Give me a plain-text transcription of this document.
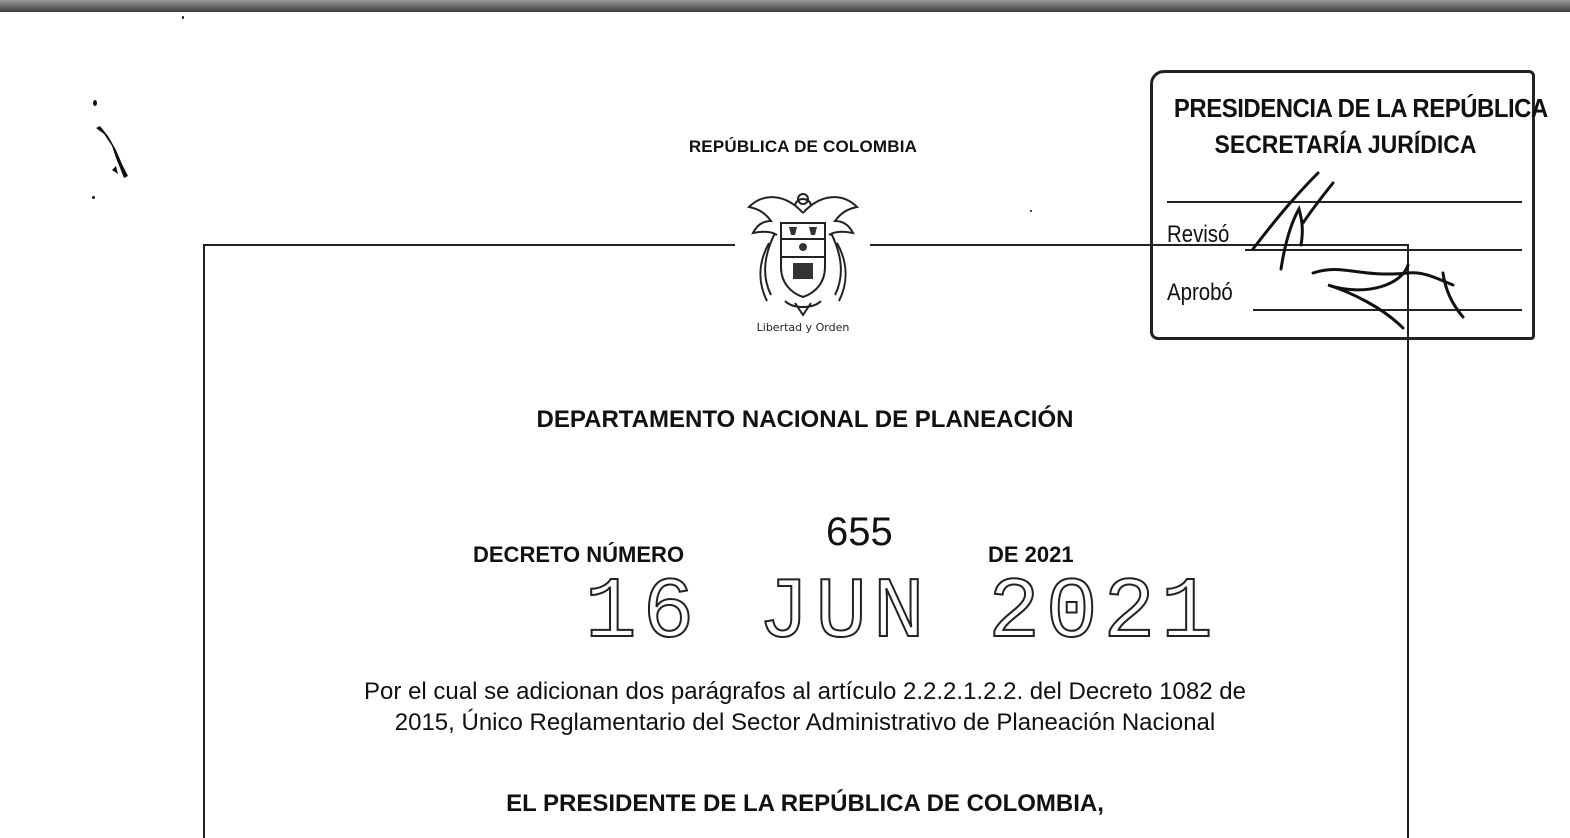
REPÚBLICA DE COLOMBIA
Libertad y Orden
DEPARTAMENTO NACIONAL DE PLANEACIÓN
DECRETO NÚMERO
655
DE 2021
16 JUN 2021
Por el cual se adicionan dos parágrafos al artículo 2.2.2.1.2.2. del Decreto 1082 de
2015, Único Reglamentario del Sector Administrativo de Planeación Nacional
EL PRESIDENTE DE LA REPÚBLICA DE COLOMBIA,
PRESIDENCIA DE LA REPÚBLICA
SECRETARÍA JURÍDICA
Revisó
Aprobó
